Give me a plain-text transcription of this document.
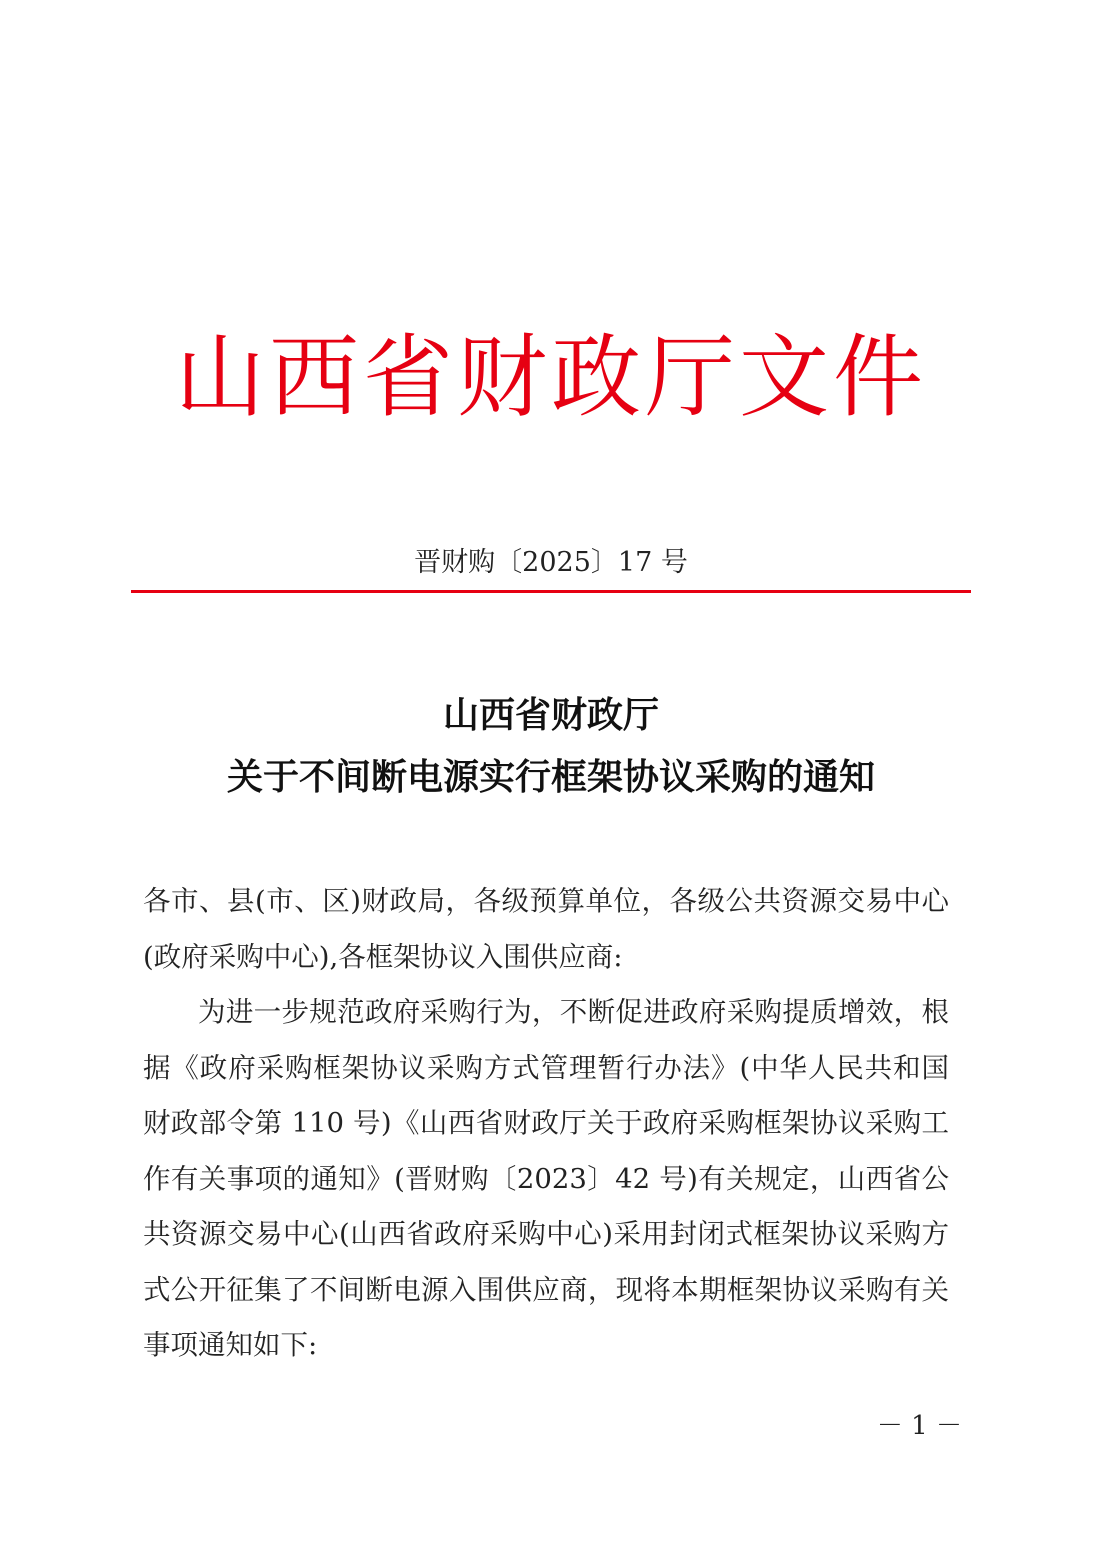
山西省财政厅文件
晋财购〔2025〕17 号
山西省财政厅
关于不间断电源实行框架协议采购的通知

各市、县(市、区)财政局，各级预算单位，各级公共资源交易中心(政府采购中心),各框架协议入围供应商:

为进一步规范政府采购行为，不断促进政府采购提质增效，根据《政府采购框架协议采购方式管理暂行办法》(中华人民共和国财政部令第 110 号)《山西省财政厅关于政府采购框架协议采购工作有关事项的通知》(晋财购〔2023〕42 号)有关规定，山西省公共资源交易中心(山西省政府采购中心)采用封闭式框架协议采购方式公开征集了不间断电源入围供应商，现将本期框架协议采购有关事项通知如下:

－ 1 －
